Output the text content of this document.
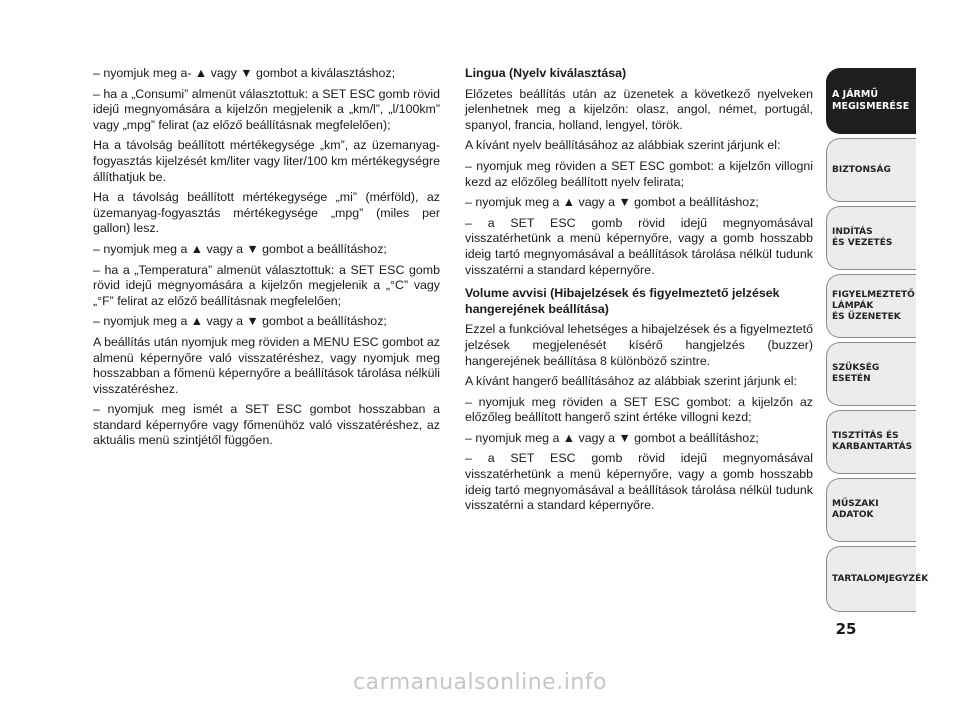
– nyomjuk meg a- ▲ vagy ▼ gombot a kiválasztáshoz;

– ha a „Consumi” almenüt választottuk: a SET ESC gomb rövid idejű megnyomására a kijelzőn megjelenik a „km/l”, „l/100km” vagy „mpg” felirat (az előző beállításnak megfelelően);

Ha a távolság beállított mértékegysége „km”, az üzemanyag-fogyasztás kijelzését km/liter vagy liter/100 km mértékegységre állíthatjuk be.

Ha a távolság beállított mértékegysége „mi” (mérföld), az üzemanyag-fogyasztás mértékegysége „mpg” (miles per gallon) lesz.

– nyomjuk meg a ▲ vagy a ▼ gombot a beállításhoz;

– ha a „Temperatura” almenüt választottuk: a SET ESC gomb rövid idejű megnyomására a kijelzőn megjelenik a „°C” vagy „°F” felirat az előző beállításnak megfelelően;

– nyomjuk meg a ▲ vagy a ▼ gombot a beállításhoz;

A beállítás után nyomjuk meg röviden a MENU ESC gombot az almenü képernyőre való visszatéréshez, vagy nyomjuk meg hosszabban a főmenü képernyőre a beállítások tárolása nélküli visszatéréshez.

– nyomjuk meg ismét a SET ESC gombot hosszabban a standard képernyőre vagy főmenühöz való visszatéréshez, az aktuális menü szintjétől függően.

Lingua (Nyelv kiválasztása)

Előzetes beállítás után az üzenetek a következő nyelveken jelenhetnek meg a kijelzőn: olasz, angol, német, portugál, spanyol, francia, holland, lengyel, török.

A kívánt nyelv beállításához az alábbiak szerint járjunk el:

– nyomjuk meg röviden a SET ESC gombot: a kijelzőn villogni kezd az előzőleg beállított nyelv felirata;

– nyomjuk meg a ▲ vagy a ▼ gombot a beállításhoz;

– a SET ESC gomb rövid idejű megnyomásával visszatérhetünk a menü képernyőre, vagy a gomb hosszabb ideig tartó megnyomásával a beállítások tárolása nélkül tudunk visszatérni a standard képernyőre.

Volume avvisi (Hibajelzések és figyelmeztető jelzések hangerejének beállítása)

Ezzel a funkcióval lehetséges a hibajelzések és a figyelmeztető jelzések megjelenését kísérő hangjelzés (buzzer) hangerejének beállítása 8 különböző szintre.

A kívánt hangerő beállításához az alábbiak szerint járjunk el:

– nyomjuk meg röviden a SET ESC gombot: a kijelzőn az előzőleg beállított hangerő szint értéke villogni kezd;

– nyomjuk meg a ▲ vagy a ▼ gombot a beállításhoz;

– a SET ESC gomb rövid idejű megnyomásával visszatérhetünk a menü képernyőre, vagy a gomb hosszabb ideig tartó megnyomásával a beállítások tárolása nélkül tudunk visszatérni a standard képernyőre.

A JÁRMŰ
MEGISMERÉSE
BIZTONSÁG
INDÍTÁS
ÉS VEZETÉS
FIGYELMEZTETŐ
LÁMPÁK
ÉS ÜZENETEK
SZÜKSÉG
ESETÉN
TISZTÍTÁS ÉS
KARBANTARTÁS
MŰSZAKI
ADATOK
TARTALOMJEGYZÉK
25
carmanualsonline.info
